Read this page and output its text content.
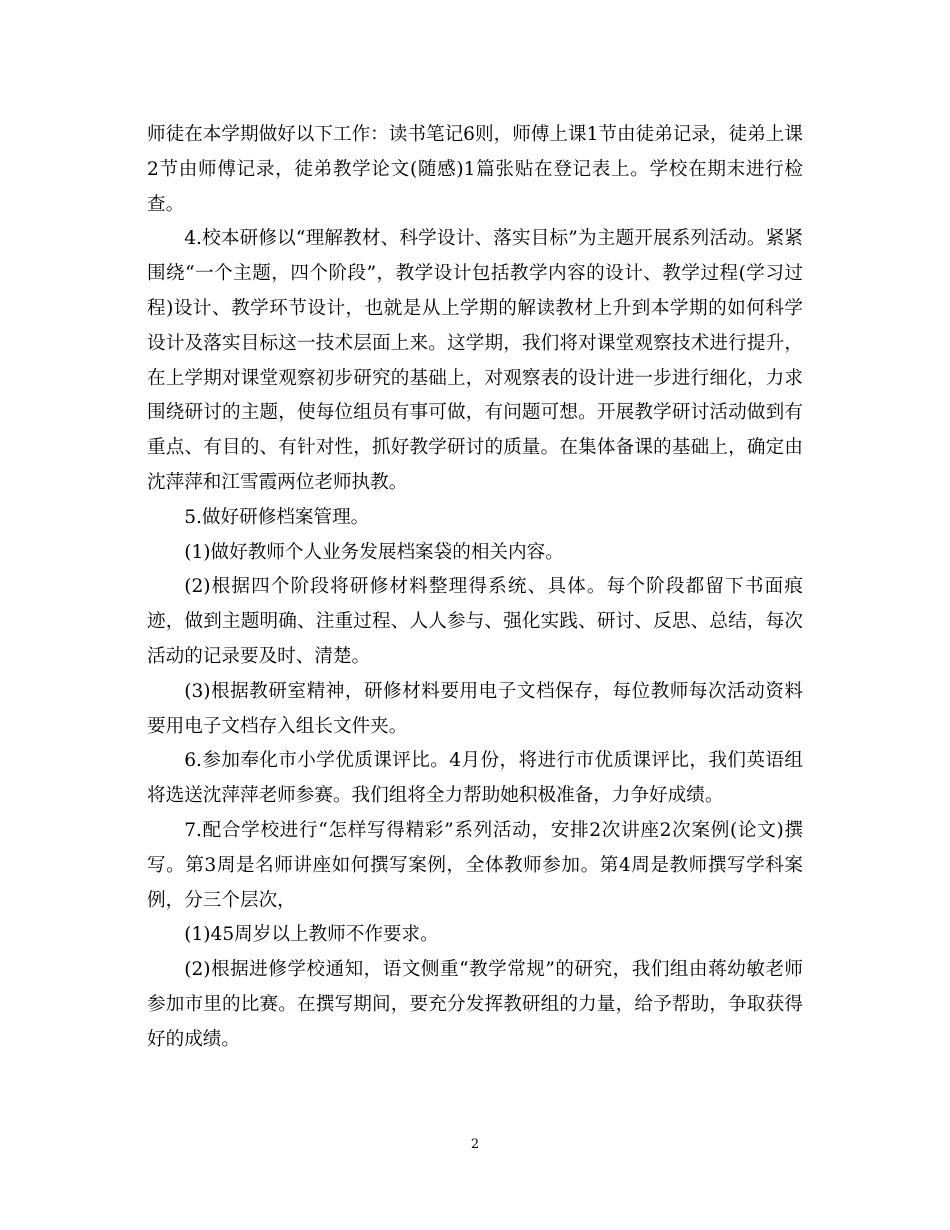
师徒在本学期做好以下工作：读书笔记6则，师傅上课1节由徒弟记录，徒弟上课2节由师傅记录，徒弟教学论文(随感)1篇张贴在登记表上。学校在期末进行检查。

4.校本研修以“理解教材、科学设计、落实目标”为主题开展系列活动。紧紧围绕“一个主题，四个阶段”，教学设计包括教学内容的设计、教学过程(学习过程)设计、教学环节设计，也就是从上学期的解读教材上升到本学期的如何科学设计及落实目标这一技术层面上来。这学期，我们将对课堂观察技术进行提升，在上学期对课堂观察初步研究的基础上，对观察表的设计进一步进行细化，力求围绕研讨的主题，使每位组员有事可做，有问题可想。开展教学研讨活动做到有重点、有目的、有针对性，抓好教学研讨的质量。在集体备课的基础上，确定由沈萍萍和江雪霞两位老师执教。

5.做好研修档案管理。

(1)做好教师个人业务发展档案袋的相关内容。

(2)根据四个阶段将研修材料整理得系统、具体。每个阶段都留下书面痕迹，做到主题明确、注重过程、人人参与、强化实践、研讨、反思、总结，每次活动的记录要及时、清楚。

(3)根据教研室精神，研修材料要用电子文档保存，每位教师每次活动资料要用电子文档存入组长文件夹。

6.参加奉化市小学优质课评比。4月份，将进行市优质课评比，我们英语组将选送沈萍萍老师参赛。我们组将全力帮助她积极准备，力争好成绩。

7.配合学校进行“怎样写得精彩”系列活动，安排2次讲座2次案例(论文)撰写。第3周是名师讲座如何撰写案例，全体教师参加。第4周是教师撰写学科案例，分三个层次，

(1)45周岁以上教师不作要求。

(2)根据进修学校通知，语文侧重“教学常规”的研究，我们组由蒋幼敏老师参加市里的比赛。在撰写期间，要充分发挥教研组的力量，给予帮助，争取获得好的成绩。

2
